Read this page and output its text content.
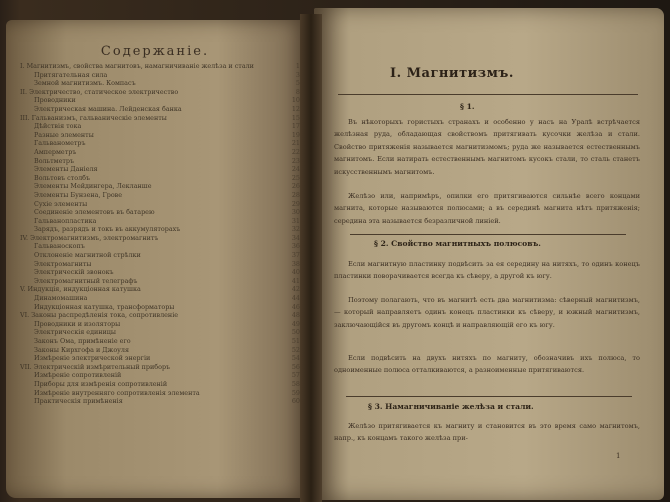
Содержаніе.
I. Магнитизмъ, свойства магнитовъ, намагничиванiе желѣза и стали	1
Притягательная сила	3
Земной магнитизмъ. Компасъ	5
II. Электричество, статическое электричество	8
Проводники	10
Электрическая машина. Лейденская банка	12
III. Гальванизмъ, гальваническiе элементы	15
Дѣйствiя тока	17
Разные элементы	19
Гальванометръ	21
Амперметръ	22
Вольтметръ	23
Элементы Даніеля	24
Вольтовъ столбъ	25
Элементы Мейдингера, Лекланше	26
Элементы Бунзена, Грове	28
Сухіе элементы	29
Соединеніе элементовъ въ батарею	30
Гальванопластика	31
Зарядъ, разрядъ и токъ въ аккумуляторахъ	32
IV. Электромагнитизмъ, электромагнитъ	34
Гальваноскопъ	36
Отклоненіе магнитной стрѣлки	37
Электромагниты	38
Электрическій звонокъ	40
Электромагнитный телеграфъ	41
V. Индукція, индукціонная катушка	42
Динамомашина	44
Индукціонная катушка, трансформаторы	46
VI. Законы распредѣленія тока, сопротивленіе	48
Проводники и изоляторы	49
Электрическія единицы	50
Законъ Ома, примѣненіе его	51
Законы Кирхгофа и Джоуля	52
Измѣреніе электрической энергіи	54
VII. Электрическій измѣрительный приборъ	56
Измѣреніе сопротивленій	57
Приборы для измѣренія сопротивленій	58
Измѣреніе внутренняго сопротивленія элемента	59
Практическія примѣненія	60
I. Магнитизмъ.
§ 1.
Въ нѣкоторыхъ гористыхъ странахъ и особенно у насъ на Уралѣ встрѣчается желѣзная руда, обладающая свойствомъ притягивать кусочки желѣза и стали. Свойство притяженія называется магнитизмомъ; руда же называется естественнымъ магнитомъ. Если натирать естественнымъ магнитомъ кусокъ стали, то сталь станетъ искусственнымъ магнитомъ.
Желѣзо или, напримѣръ, опилки его притягиваются сильнѣе всего концами магнита, которые называются полюсами; а въ серединѣ магнита нѣтъ притяженія; середина эта называется безразличной линіей.
§ 2. Свойство магнитныхъ полюсовъ.
Если магнитную пластинку подвѣсить за ея середину на нитяхъ, то одинъ конецъ пластинки поворачивается всегда къ сѣверу, а другой къ югу.
Поэтому полагають, что въ магнитѣ есть два магнитизма: сѣверный магнитизмъ, — который направляетъ одинъ конецъ пластинки къ сѣверу, и южный магнитизмъ, заключающійся въ другомъ концѣ и направляющій его къ югу.
Если подвѣсить на двухъ нитяхъ по магниту, обозначивъ ихъ полюса, то одноименные полюса отталкиваются, а разноименные притягиваются.
§ 3. Намагничиваніе желѣза и стали.
Желѣзо притягивается къ магниту и становится въ это время само магнитомъ, напр., къ концамъ такого желѣза при-
1
